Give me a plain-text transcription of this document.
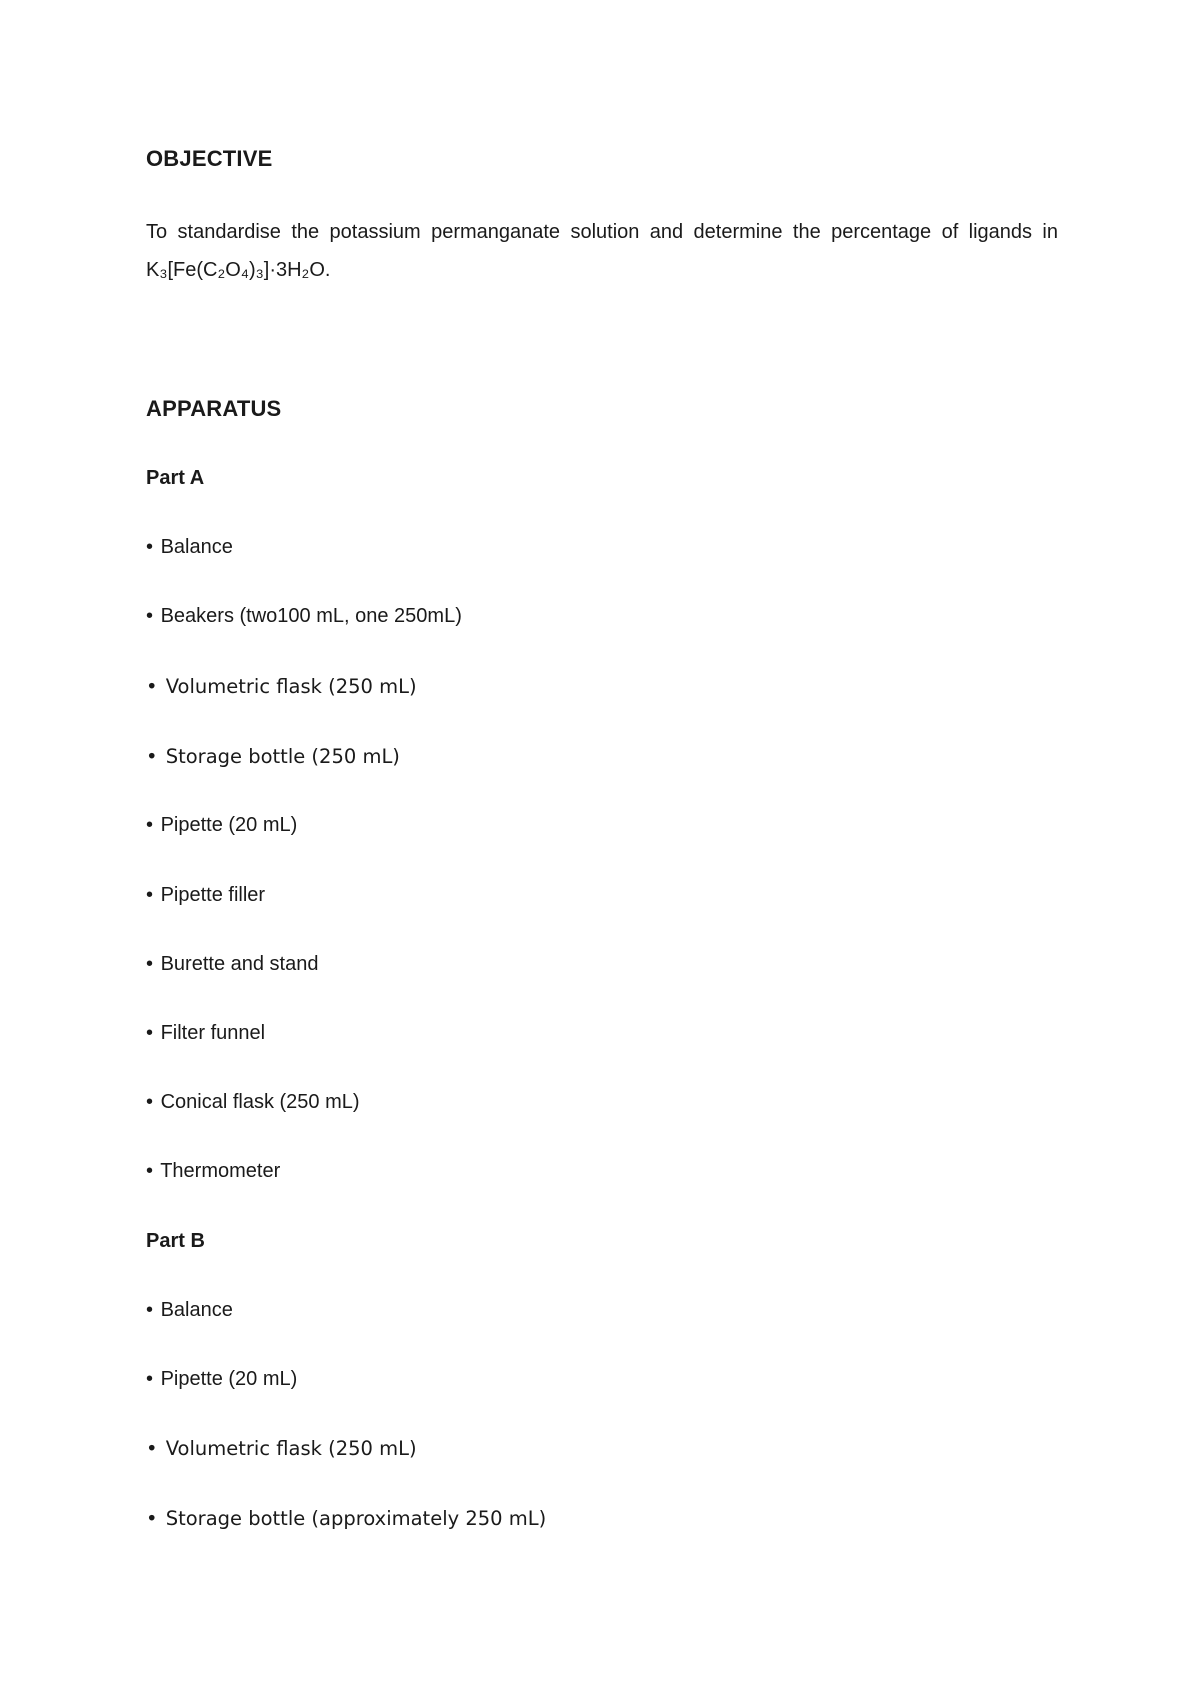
OBJECTIVE
To standardise the potassium permanganate solution and determine the percentage of ligands in K₃[Fe(C₂O₄)₃]·3H₂O.
APPARATUS
Part A
• Balance
• Beakers (two100 mL, one 250mL)
• Volumetric flask (250 mL)
• Storage bottle (250 mL)
• Pipette (20 mL)
• Pipette filler
• Burette and stand
• Filter funnel
• Conical flask (250 mL)
• Thermometer
Part B
• Balance
• Pipette (20 mL)
• Volumetric flask (250 mL)
• Storage bottle (approximately 250 mL)
